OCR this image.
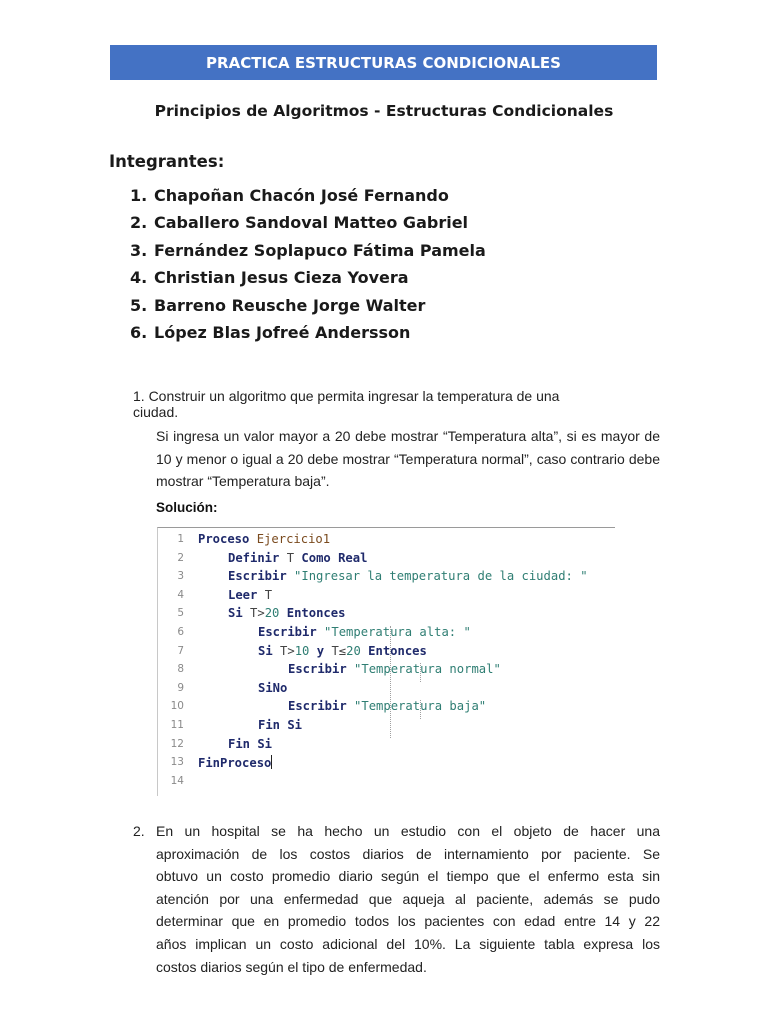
PRACTICA ESTRUCTURAS CONDICIONALES
Principios de Algoritmos - Estructuras Condicionales
Integrantes:
1. Chapoñan Chacón José Fernando
2. Caballero Sandoval Matteo Gabriel
3. Fernández Soplapuco Fátima Pamela
4. Christian Jesus Cieza Yovera
5. Barreno Reusche Jorge Walter
6. López Blas Jofreé Andersson
1. Construir un algoritmo que permita ingresar la temperatura de una
ciudad.
Si ingresa un valor mayor a 20 debe mostrar “Temperatura alta”, si es mayor de 10 y menor o igual a 20 debe mostrar “Temperatura normal”, caso contrario debe mostrar “Temperatura baja”.
Solución:
1 Proceso Ejercicio1
2	Definir T Como Real
3	Escribir "Ingresar la temperatura de la ciudad: "
4	Leer T
5	Si T>20 Entonces
6	Escribir "Temperatura alta: "
7	Si T>10 y T≤20 Entonces
8	Escribir "Temperatura normal"
9	SiNo
10	Escribir "Temperatura baja"
11	Fin Si
12	Fin Si
13 FinProceso
14
2. En un hospital se ha hecho un estudio con el objeto de hacer una
aproximación de los costos diarios de internamiento por paciente. Se
obtuvo un costo promedio diario según el tiempo que el enfermo esta sin
atención por una enfermedad que aqueja al paciente, además se pudo
determinar que en promedio todos los pacientes con edad entre 14 y 22
años implican un costo adicional del 10%. La siguiente tabla expresa los
costos diarios según el tipo de enfermedad.
